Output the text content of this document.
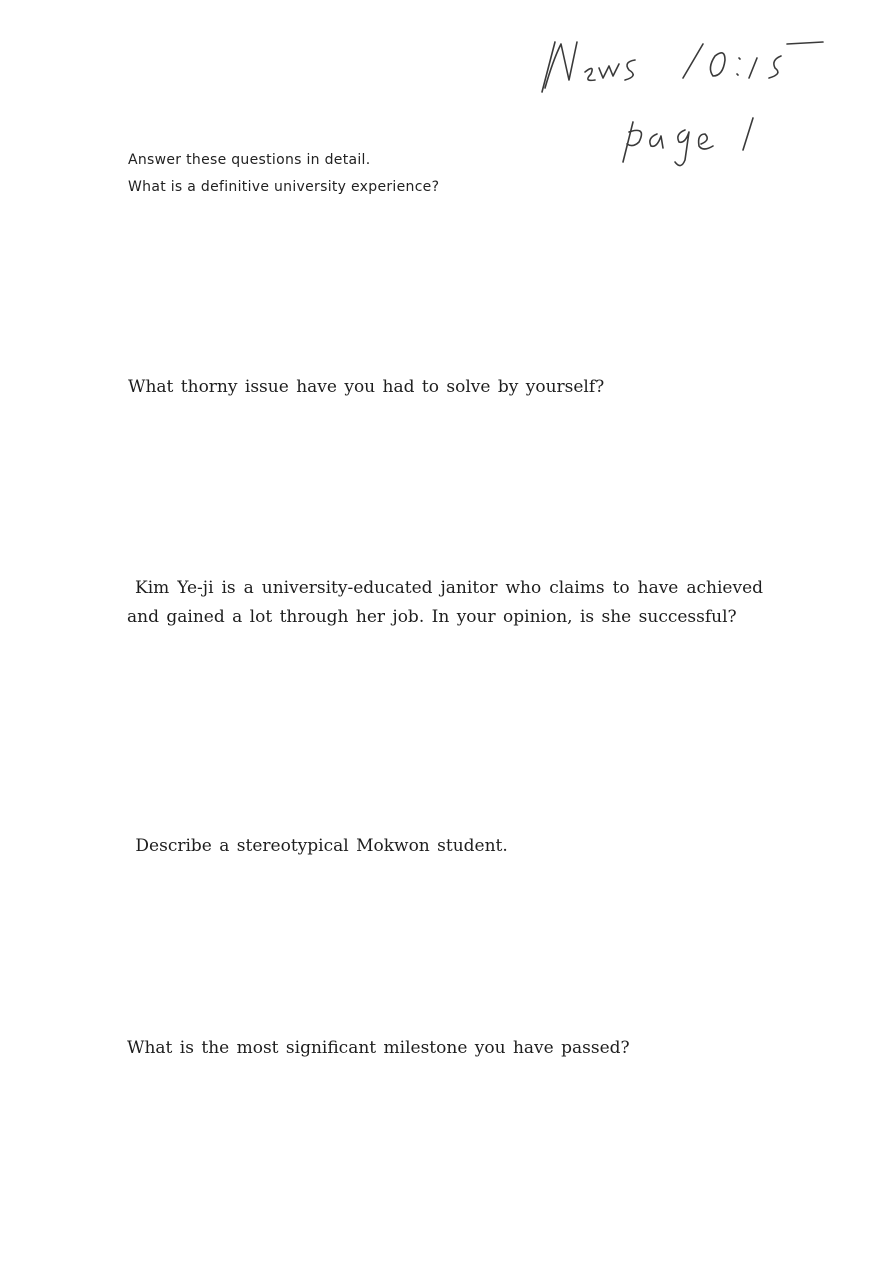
Answer these questions in detail.
What is a definitive university experience?
What thorny issue have you had to solve by yourself?
Kim Ye-ji is a university-educated janitor who claims to have achieved and gained a lot through her job. In your opinion, is she successful?
Describe a stereotypical Mokwon student.
What is the most significant milestone you have passed?
